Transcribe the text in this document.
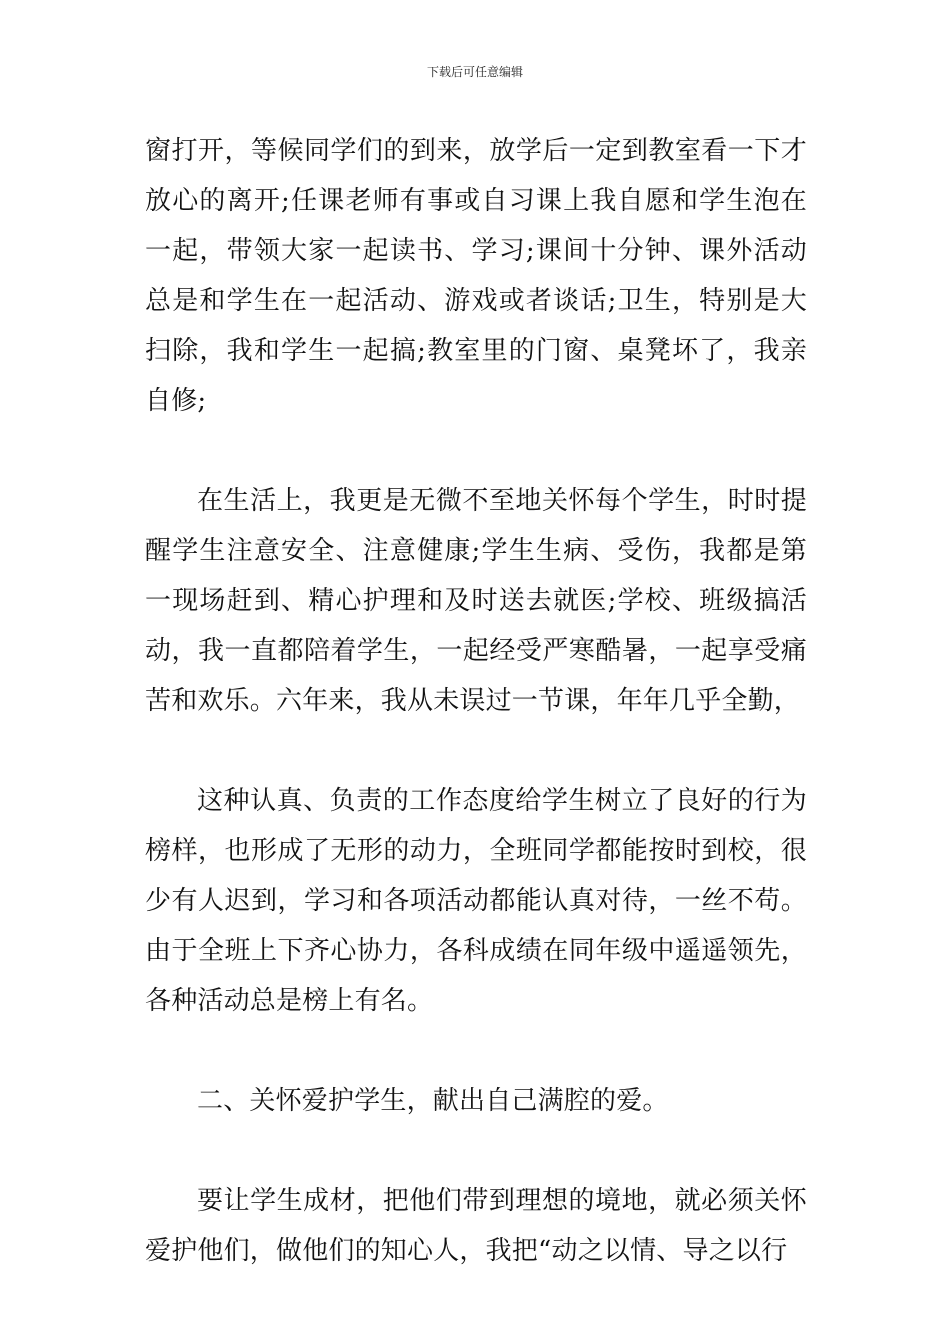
下载后可任意编辑

窗打开，等候同学们的到来，放学后一定到教室看一下才放心的离开;任课老师有事或自习课上我自愿和学生泡在一起，带领大家一起读书、学习;课间十分钟、课外活动总是和学生在一起活动、游戏或者谈话;卫生，特别是大扫除，我和学生一起搞;教室里的门窗、桌凳坏了，我亲自修;

在生活上，我更是无微不至地关怀每个学生，时时提醒学生注意安全、注意健康;学生生病、受伤，我都是第一现场赶到、精心护理和及时送去就医;学校、班级搞活动，我一直都陪着学生，一起经受严寒酷暑，一起享受痛苦和欢乐。六年来，我从未误过一节课，年年几乎全勤，

这种认真、负责的工作态度给学生树立了良好的行为榜样，也形成了无形的动力，全班同学都能按时到校，很少有人迟到，学习和各项活动都能认真对待，一丝不苟。由于全班上下齐心协力，各科成绩在同年级中遥遥领先，各种活动总是榜上有名。

二、关怀爱护学生，献出自己满腔的爱。

要让学生成材，把他们带到理想的境地，就必须关怀爱护他们，做他们的知心人，我把“动之以情、导之以行
